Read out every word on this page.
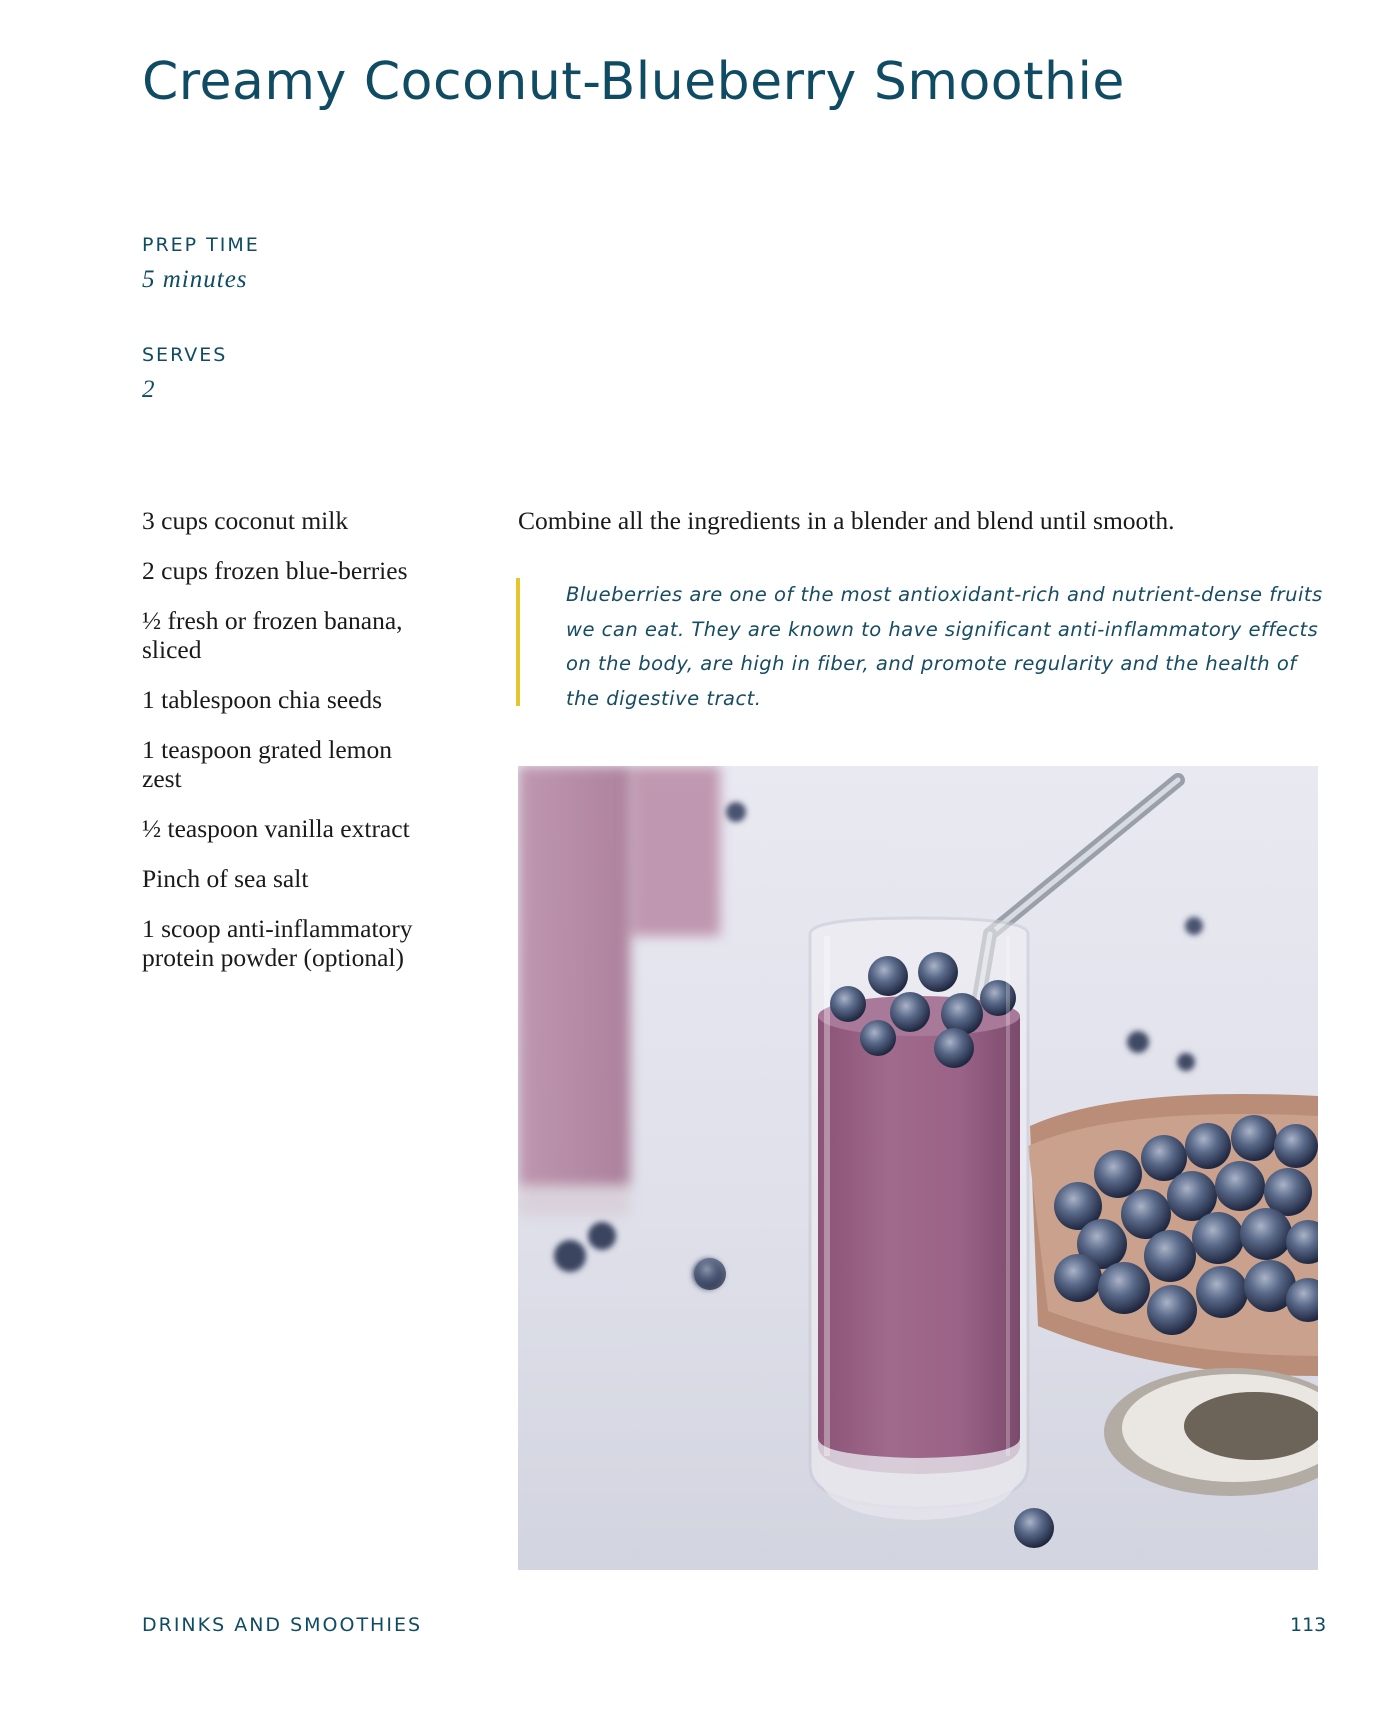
Creamy Coconut-Blueberry Smoothie

PREP TIME

5 minutes

SERVES

2

3 cups coconut milk
2 cups frozen blue-berries
½ fresh or frozen banana, sliced
1 tablespoon chia seeds
1 teaspoon grated lemon zest
½ teaspoon vanilla extract
Pinch of sea salt
1 scoop anti-inflammatory protein powder (optional)

Combine all the ingredients in a blender and blend until smooth.

Blueberries are one of the most antioxidant-rich and nutrient-dense fruits we can eat. They are known to have significant anti-inflammatory effects on the body, are high in fiber, and promote regularity and the health of the digestive tract.

DRINKS AND SMOOTHIES	113
